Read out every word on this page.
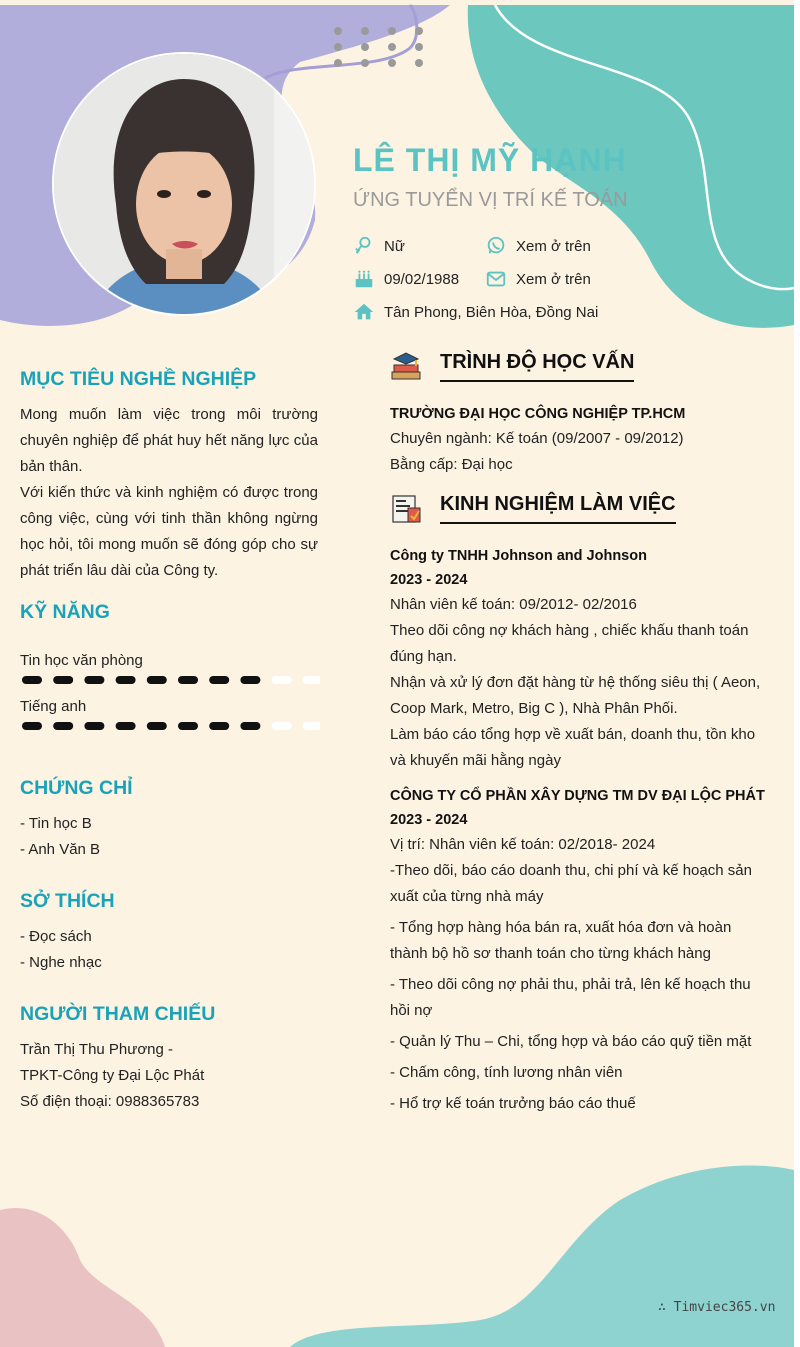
LÊ THỊ MỸ HẠNH

ỨNG TUYỂN VỊ TRÍ KẾ TOÁN

Nữ	Xem ở trên
09/02/1988	Xem ở trên
Tân Phong, Biên Hòa, Đồng Nai
MỤC TIÊU NGHỀ NGHIỆP

Mong muốn làm việc trong môi trường chuyên nghiệp để phát huy hết năng lực của bản thân.

Với kiến thức và kinh nghiệm có được trong công việc, cùng với tinh thần không ngừng học hỏi, tôi mong muốn sẽ đóng góp cho sự phát triển lâu dài của Công ty.

KỸ NĂNG
Tin học văn phòng
Tiếng anh
CHỨNG CHỈ

- Tin học B

- Anh Văn B

SỞ THÍCH

- Đọc sách

- Nghe nhạc

NGƯỜI THAM CHIẾU

Trần Thị Thu Phương -

TPKT-Công ty Đại Lộc Phát

Số điện thoại: 0988365783

TRÌNH ĐỘ HỌC VẤN

TRƯỜNG ĐẠI HỌC CÔNG NGHIỆP TP.HCM

Chuyên ngành: Kế toán (09/2007 - 09/2012)

Bằng cấp: Đại học

KINH NGHIỆM LÀM VIỆC

Công ty TNHH Johnson and Johnson

2023 - 2024

Nhân viên kế toán: 09/2012- 02/2016

Theo dõi công nợ khách hàng , chiếc khấu thanh toán đúng hạn.

Nhận và xử lý đơn đặt hàng từ hệ thống siêu thị ( Aeon, Coop Mark, Metro, Big C ), Nhà Phân Phối.

Làm báo cáo tổng hợp về xuất bán, doanh thu, tồn kho và khuyến mãi hằng ngày

CÔNG TY CỔ PHẦN XÂY DỰNG TM DV ĐẠI LỘC PHÁT

2023 - 2024

Vị trí: Nhân viên kế toán: 02/2018- 2024

-Theo dõi, báo cáo doanh thu, chi phí và kế hoạch sản xuất của từng nhà máy

- Tổng hợp hàng hóa bán ra, xuất hóa đơn và hoàn thành bộ hồ sơ thanh toán cho từng khách hàng

- Theo dõi công nợ phải thu, phải trả, lên kế hoạch thu hồi nợ

- Quản lý Thu – Chi, tổng hợp và báo cáo quỹ tiền mặt

- Chấm công, tính lương nhân viên

- Hổ trợ kế toán trưởng báo cáo thuế

∴ Timviec365.vn
